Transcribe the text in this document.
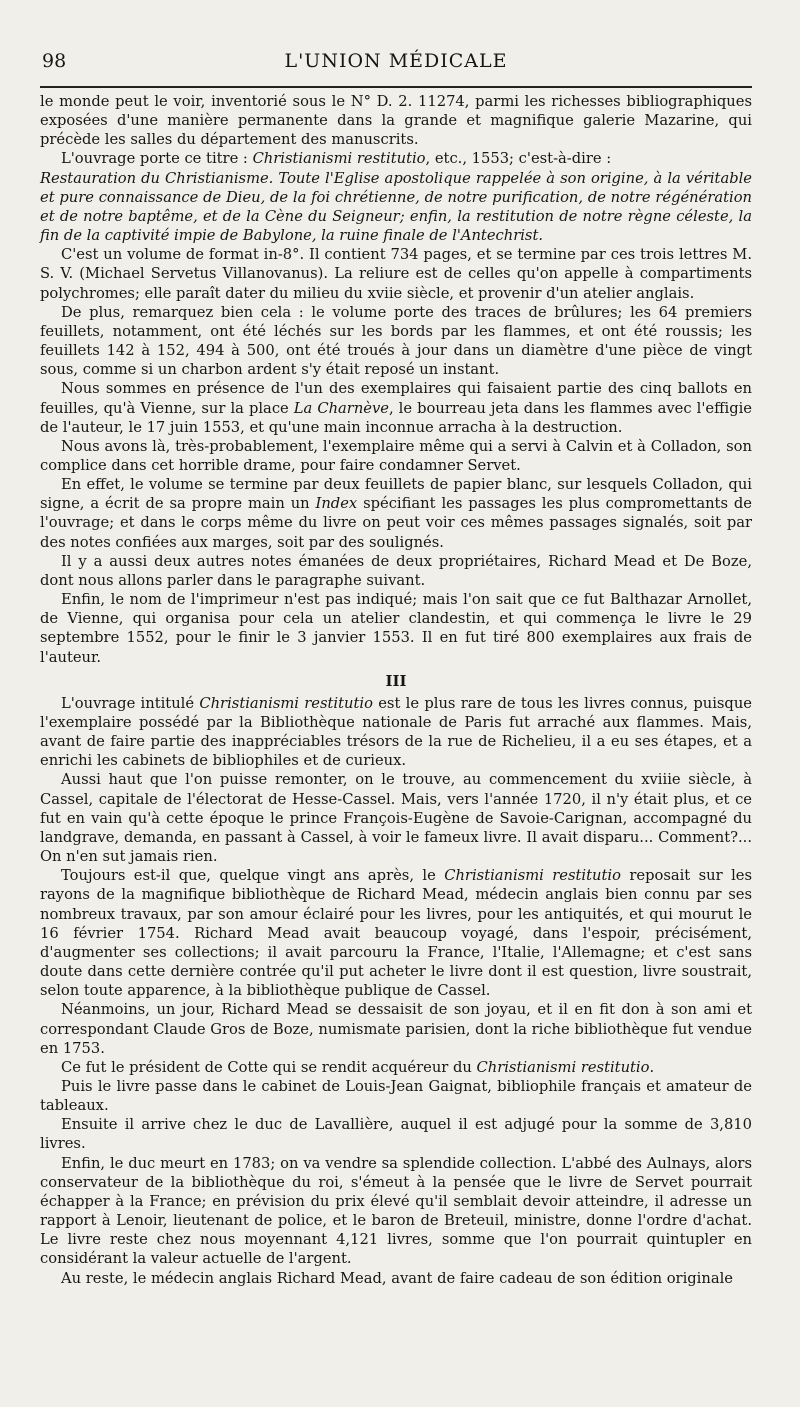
98	L'UNION MÉDICALE

le monde peut le voir, inventorié sous le N° D. 2. 11274, parmi les richesses bibliographiques exposées d'une manière permanente dans la grande et magnifique galerie Mazarine, qui précède les salles du département des manuscrits.

L'ouvrage porte ce titre : Christianismi restitutio, etc., 1553; c'est-à-dire :

Restauration du Christianisme. Toute l'Eglise apostolique rappelée à son origine, à la véritable et pure connaissance de Dieu, de la foi chrétienne, de notre purification, de notre régénération et de notre baptême, et de la Cène du Seigneur; enfin, la restitution de notre règne céleste, la fin de la captivité impie de Babylone, la ruine finale de l'Antechrist.

C'est un volume de format in-8°. Il contient 734 pages, et se termine par ces trois lettres M. S. V. (Michael Servetus Villanovanus). La reliure est de celles qu'on appelle à compartiments polychromes; elle paraît dater du milieu du xviie siècle, et provenir d'un atelier anglais.

De plus, remarquez bien cela : le volume porte des traces de brûlures; les 64 premiers feuillets, notamment, ont été léchés sur les bords par les flammes, et ont été roussis; les feuillets 142 à 152, 494 à 500, ont été troués à jour dans un diamètre d'une pièce de vingt sous, comme si un charbon ardent s'y était reposé un instant.

Nous sommes en présence de l'un des exemplaires qui faisaient partie des cinq ballots en feuilles, qu'à Vienne, sur la place La Charnève, le bourreau jeta dans les flammes avec l'effigie de l'auteur, le 17 juin 1553, et qu'une main inconnue arracha à la destruction.

Nous avons là, très-probablement, l'exemplaire même qui a servi à Calvin et à Colladon, son complice dans cet horrible drame, pour faire condamner Servet.

En effet, le volume se termine par deux feuillets de papier blanc, sur lesquels Colladon, qui signe, a écrit de sa propre main un Index spécifiant les passages les plus compromettants de l'ouvrage; et dans le corps même du livre on peut voir ces mêmes passages signalés, soit par des notes confiées aux marges, soit par des soulignés.

Il y a aussi deux autres notes émanées de deux propriétaires, Richard Mead et De Boze, dont nous allons parler dans le paragraphe suivant.

Enfin, le nom de l'imprimeur n'est pas indiqué; mais l'on sait que ce fut Balthazar Arnollet, de Vienne, qui organisa pour cela un atelier clandestin, et qui commença le livre le 29 septembre 1552, pour le finir le 3 janvier 1553. Il en fut tiré 800 exemplaires aux frais de l'auteur.

III

L'ouvrage intitulé Christianismi restitutio est le plus rare de tous les livres connus, puisque l'exemplaire possédé par la Bibliothèque nationale de Paris fut arraché aux flammes. Mais, avant de faire partie des inappréciables trésors de la rue de Richelieu, il a eu ses étapes, et a enrichi les cabinets de bibliophiles et de curieux.

Aussi haut que l'on puisse remonter, on le trouve, au commencement du xviiie siècle, à Cassel, capitale de l'électorat de Hesse-Cassel. Mais, vers l'année 1720, il n'y était plus, et ce fut en vain qu'à cette époque le prince François-Eugène de Savoie-Carignan, accompagné du landgrave, demanda, en passant à Cassel, à voir le fameux livre. Il avait disparu... Comment?... On n'en sut jamais rien.

Toujours est-il que, quelque vingt ans après, le Christianismi restitutio reposait sur les rayons de la magnifique bibliothèque de Richard Mead, médecin anglais bien connu par ses nombreux travaux, par son amour éclairé pour les livres, pour les antiquités, et qui mourut le 16 février 1754. Richard Mead avait beaucoup voyagé, dans l'espoir, précisément, d'augmenter ses collections; il avait parcouru la France, l'Italie, l'Allemagne; et c'est sans doute dans cette dernière contrée qu'il put acheter le livre dont il est question, livre soustrait, selon toute apparence, à la bibliothèque publique de Cassel.

Néanmoins, un jour, Richard Mead se dessaisit de son joyau, et il en fit don à son ami et correspondant Claude Gros de Boze, numismate parisien, dont la riche bibliothèque fut vendue en 1753.

Ce fut le président de Cotte qui se rendit acquéreur du Christianismi restitutio.

Puis le livre passe dans le cabinet de Louis-Jean Gaignat, bibliophile français et amateur de tableaux.

Ensuite il arrive chez le duc de Lavallière, auquel il est adjugé pour la somme de 3,810 livres.

Enfin, le duc meurt en 1783; on va vendre sa splendide collection. L'abbé des Aulnays, alors conservateur de la bibliothèque du roi, s'émeut à la pensée que le livre de Servet pourrait échapper à la France; en prévision du prix élevé qu'il semblait devoir atteindre, il adresse un rapport à Lenoir, lieutenant de police, et le baron de Breteuil, ministre, donne l'ordre d'achat. Le livre reste chez nous moyennant 4,121 livres, somme que l'on pourrait quintupler en considérant la valeur actuelle de l'argent.

Au reste, le médecin anglais Richard Mead, avant de faire cadeau de son édition originale
